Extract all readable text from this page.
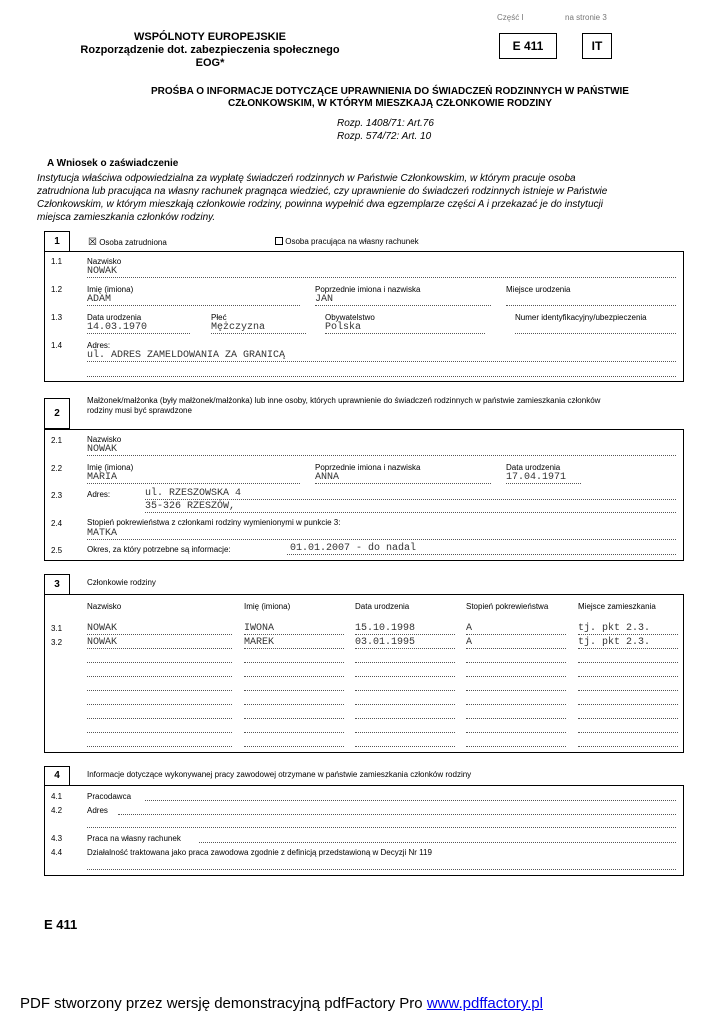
Część I	na stronie 3
WSPÓLNOTY EUROPEJSKIE
Rozporządzenie dot. zabezpieczenia społecznego
EOG*
E 411	IT
PROŚBA O INFORMACJE DOTYCZĄCE UPRAWNIENIA DO ŚWIADCZEŃ RODZINNYCH W PAŃSTWIE
CZŁONKOWSKIM, W KTÓRYM MIESZKAJĄ CZŁONKOWIE RODZINY
Rozp. 1408/71: Art.76
Rozp. 574/72: Art. 10
A Wniosek o zaświadczenie
Instytucja właściwa odpowiedzialna za wypłatę świadczeń rodzinnych w Państwie Członkowskim, w którym pracuje osoba
zatrudniona lub pracująca na własny rachunek pragnąca wiedzieć, czy uprawnienie do świadczeń rodzinnych istnieje w Państwie
Członkowskim, w którym mieszkają członkowie rodziny, powinna wypełnić dwa egzemplarze części A i przekazać je do instytucji
miejsca zamieszkania członków rodziny.
1	☒ Osoba zatrudniona	Osoba pracująca na własny rachunek
1.1	Nazwisko
NOWAK
1.2	Imię (imiona)
ADAM
Poprzednie imiona i nazwiska
JAN
Miejsce urodzenia
1.3	Data urodzenia
14.03.1970
Płeć
Mężczyzna
Obywatelstwo
Polska
Numer identyfikacyjny/ubezpieczenia
1.4	Adres:
ul. ADRES ZAMELDOWANIA ZA GRANICĄ
2
Małżonek/małżonka (były małżonek/małżonka) lub inne osoby, których uprawnienie do świadczeń rodzinnych w państwie zamieszkania członków
rodziny musi być sprawdzone
2.1	Nazwisko
NOWAK
2.2	Imię (imiona)
MARIA
Poprzednie imiona i nazwiska
ANNA
Data urodzenia
17.04.1971
2.3	Adres:	ul. RZESZOWSKA 4
35-326 RZESZÓW,
2.4	Stopień pokrewieństwa z członkami rodziny wymienionymi w punkcie 3:
MATKA
2.5	Okres, za który potrzebne są informacje:	01.01.2007 - do nadal
3	Członkowie rodziny
Nazwisko	Imię (imiona)	Data urodzenia	Stopień pokrewieństwa	Miejsce zamieszkania
3.1 NOWAK	IWONA	15.10.1998	A	tj. pkt 2.3.
3.2 NOWAK	MAREK	03.01.1995	A	tj. pkt 2.3.
4	Informacje dotyczące wykonywanej pracy zawodowej otrzymane w państwie zamieszkania członków rodziny
4.1	Pracodawca
4.2	Adres
4.3	Praca na własny rachunek
4.4	Działalność traktowana jako praca zawodowa zgodnie z definicją przedstawioną w Decyzji Nr 119
E 411
PDF stworzony przez wersję demonstracyjną pdfFactory Pro www.pdffactory.pl
